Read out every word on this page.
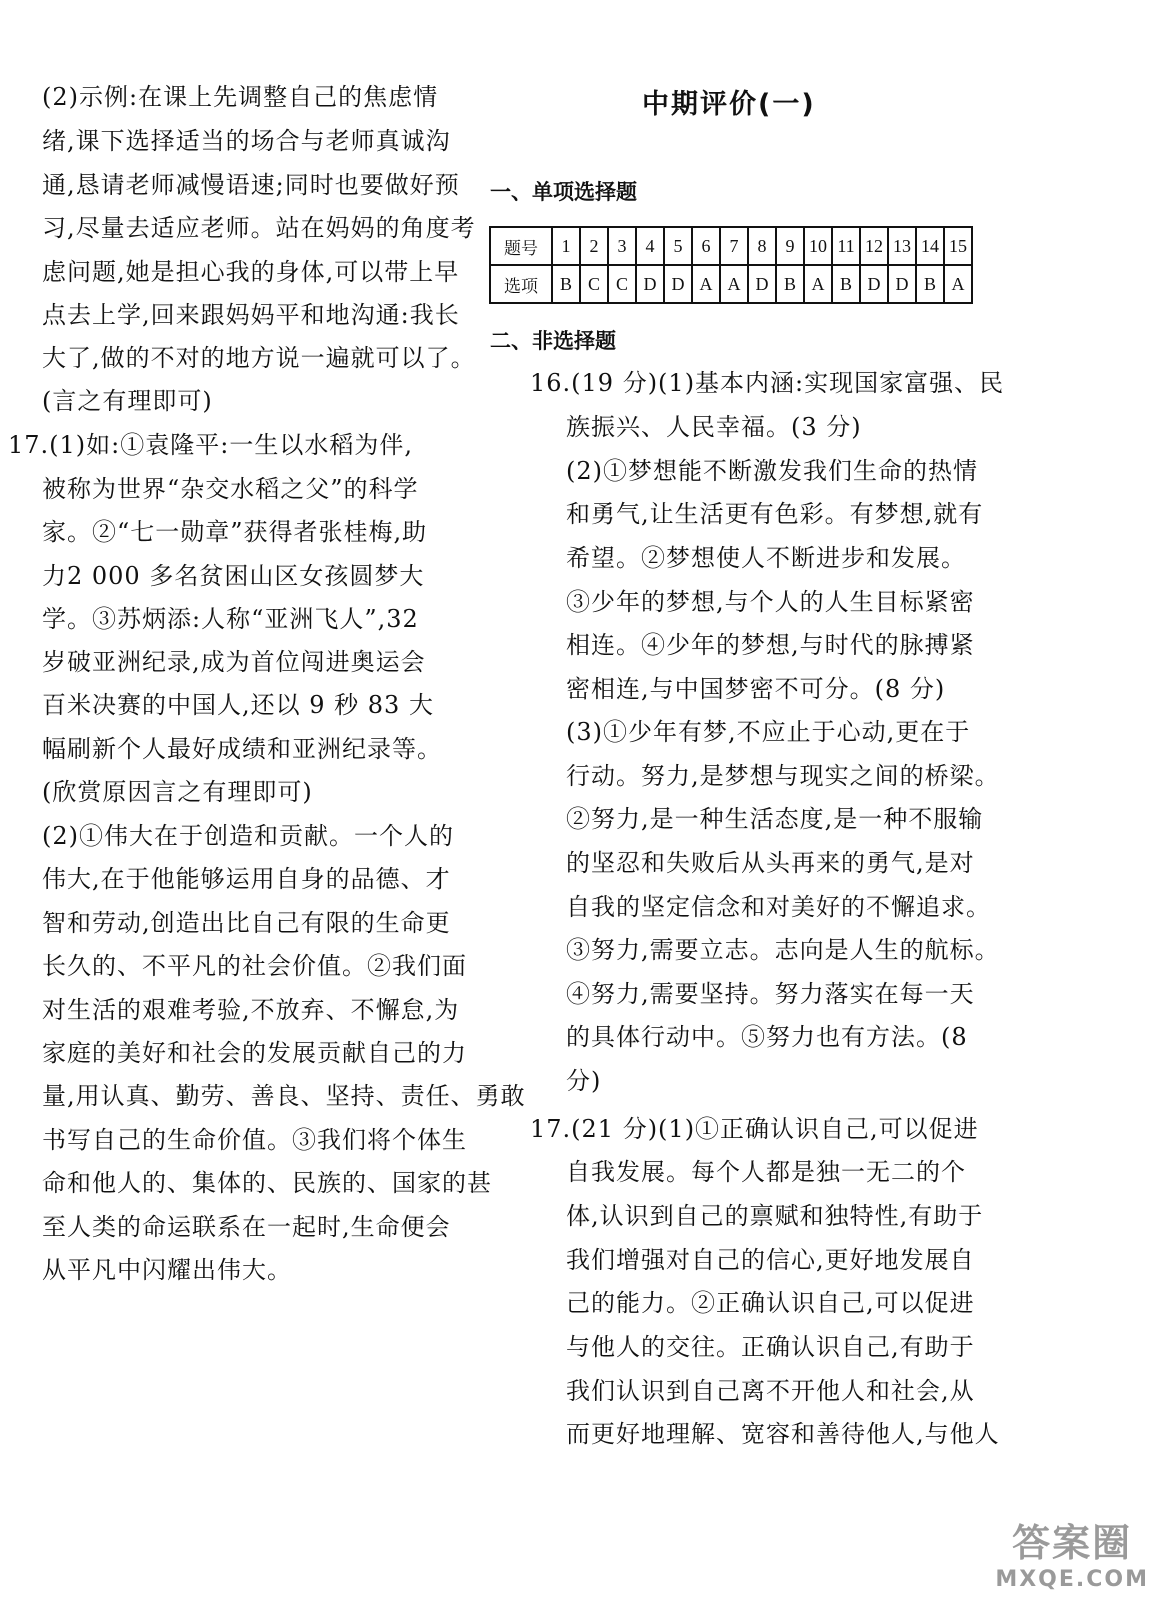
(2)示例:在课上先调整自己的焦虑情
绪,课下选择适当的场合与老师真诚沟
通,恳请老师减慢语速;同时也要做好预
习,尽量去适应老师。站在妈妈的角度考
虑问题,她是担心我的身体,可以带上早
点去上学,回来跟妈妈平和地沟通:我长
大了,做的不对的地方说一遍就可以了。
(言之有理即可)
17.(1)如:①袁隆平:一生以水稻为伴,
被称为世界“杂交水稻之父”的科学
家。②“七一勋章”获得者张桂梅,助
力2 000 多名贫困山区女孩圆梦大
学。③苏炳添:人称“亚洲飞人”,32
岁破亚洲纪录,成为首位闯进奥运会
百米决赛的中国人,还以 9 秒 83 大
幅刷新个人最好成绩和亚洲纪录等。
(欣赏原因言之有理即可)
(2)①伟大在于创造和贡献。一个人的
伟大,在于他能够运用自身的品德、才
智和劳动,创造出比自己有限的生命更
长久的、不平凡的社会价值。②我们面
对生活的艰难考验,不放弃、不懈怠,为
家庭的美好和社会的发展贡献自己的力
量,用认真、勤劳、善良、坚持、责任、勇敢
书写自己的生命价值。③我们将个体生
命和他人的、集体的、民族的、国家的甚
至人类的命运联系在一起时,生命便会
从平凡中闪耀出伟大。
中期评价(一)
一、单项选择题
题号	1	2	3	4	5	6	7	8	9	10	11	12	13	14	15
选项	B	C	C	D	D	A	A	D	B	A	B	D	D	B	A
二、非选择题
16.(19 分)(1)基本内涵:实现国家富强、民
族振兴、人民幸福。(3 分)
(2)①梦想能不断激发我们生命的热情
和勇气,让生活更有色彩。有梦想,就有
希望。②梦想使人不断进步和发展。
③少年的梦想,与个人的人生目标紧密
相连。④少年的梦想,与时代的脉搏紧
密相连,与中国梦密不可分。(8 分)
(3)①少年有梦,不应止于心动,更在于
行动。努力,是梦想与现实之间的桥梁。
②努力,是一种生活态度,是一种不服输
的坚忍和失败后从头再来的勇气,是对
自我的坚定信念和对美好的不懈追求。
③努力,需要立志。志向是人生的航标。
④努力,需要坚持。努力落实在每一天
的具体行动中。⑤努力也有方法。(8
分)
17.(21 分)(1)①正确认识自己,可以促进
自我发展。每个人都是独一无二的个
体,认识到自己的禀赋和独特性,有助于
我们增强对自己的信心,更好地发展自
己的能力。②正确认识自己,可以促进
与他人的交往。正确认识自己,有助于
我们认识到自己离不开他人和社会,从
而更好地理解、宽容和善待他人,与他人
答案圈
MXQE.COM
